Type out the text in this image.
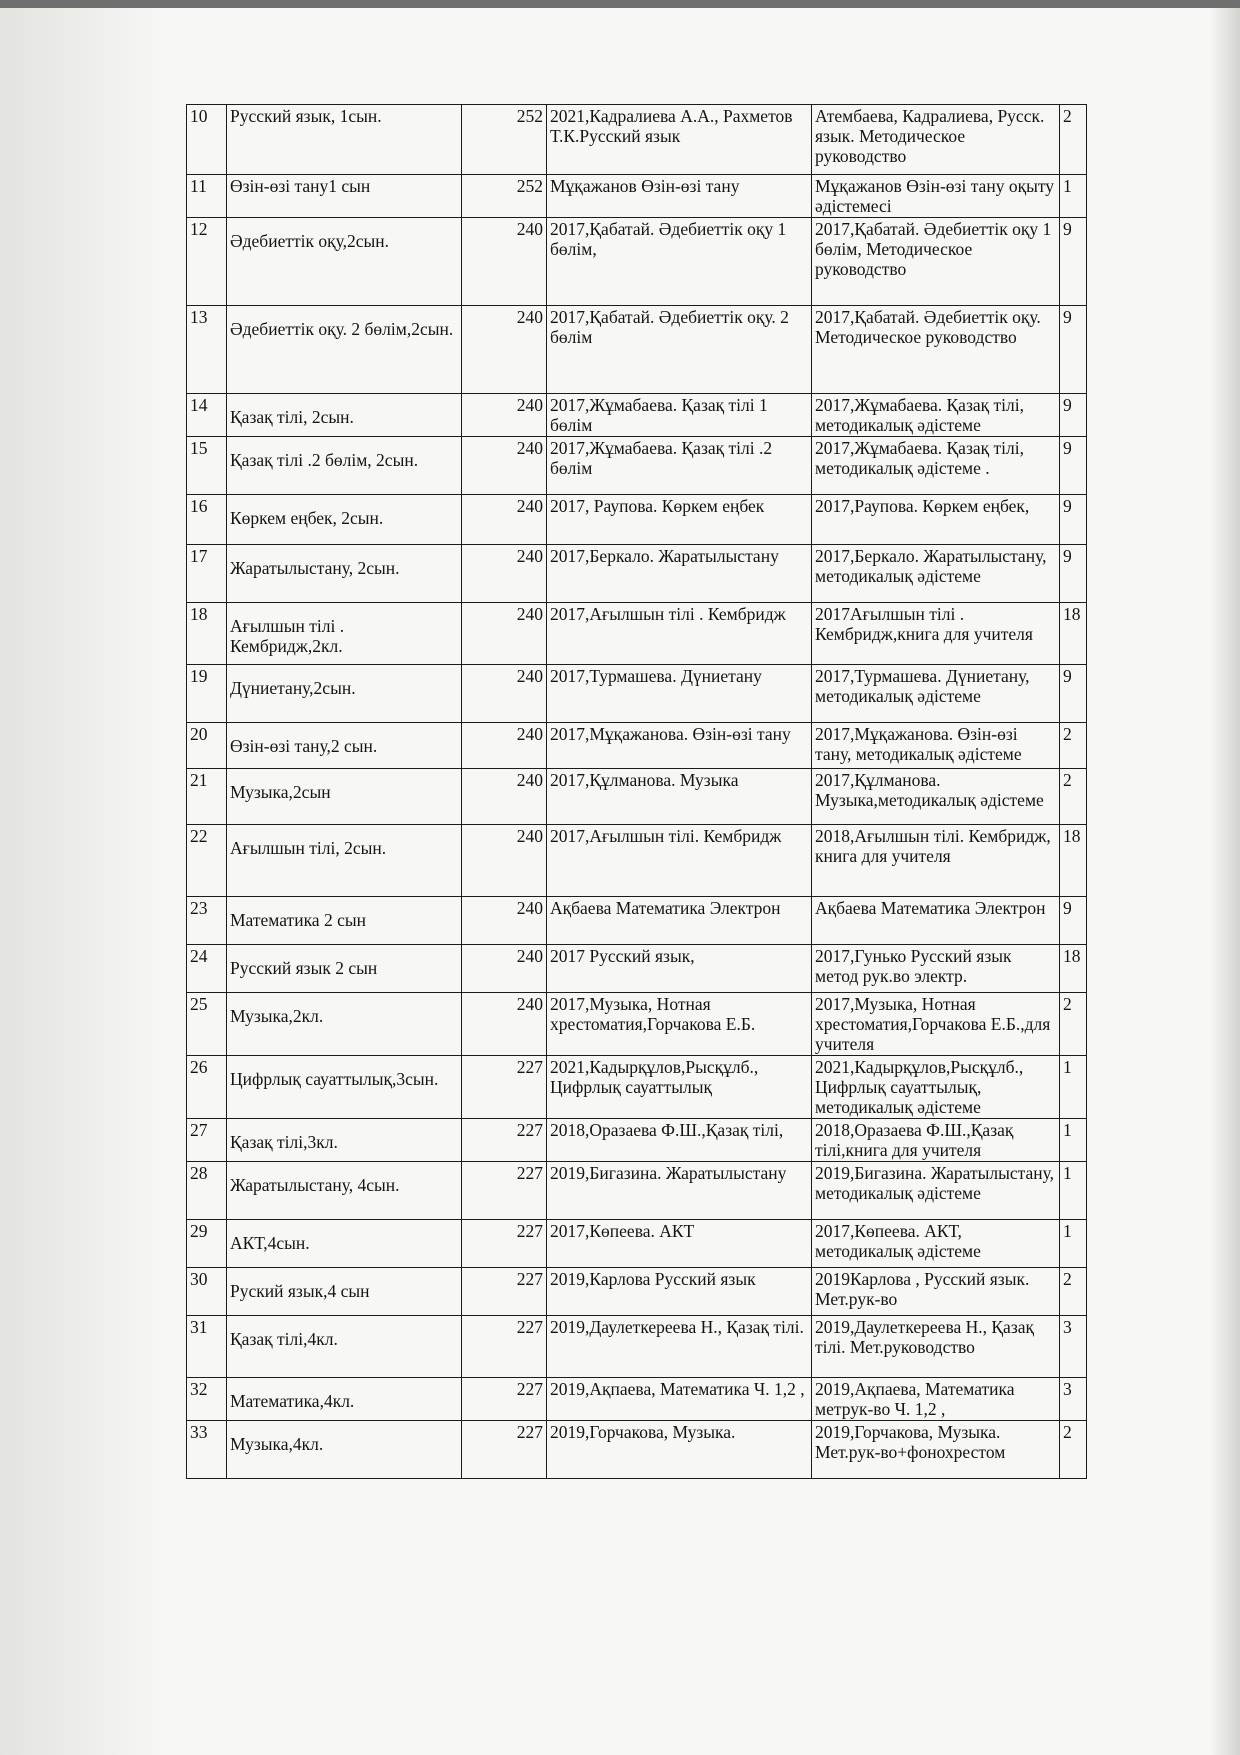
10	Русский язык, 1сын.	252	2021,Кадралиева А.А., Рахметов Т.К.Русский язык	Атембаева, Кадралиева, Русск. язык. Методическое руководство	2
11	Өзін-өзі тану1 сын	252	Мұқажанов Өзін-өзі тану	Мұқажанов Өзін-өзі тану оқыту әдістемесі	1
12	Әдебиеттік оқу,2сын.	240	2017,Қабатай. Әдебиеттік оқу 1 бөлім,	2017,Қабатай. Әдебиеттік оқу 1 бөлім, Методическое руководство	9
13	Әдебиеттік оқу. 2 бөлім,2сын.	240	2017,Қабатай. Әдебиеттік оқу. 2 бөлім	2017,Қабатай. Әдебиеттік оқу. Методическое руководство	9
14	Қазақ тілі, 2сын.	240	2017,Жұмабаева. Қазақ тілі 1 бөлім	2017,Жұмабаева. Қазақ тілі, методикалық әдістеме	9
15	Қазақ тілі .2 бөлім, 2сын.	240	2017,Жұмабаева. Қазақ тілі .2 бөлім	2017,Жұмабаева. Қазақ тілі, методикалық әдістеме .	9
16	Көркем еңбек, 2сын.	240	2017, Раупова. Көркем еңбек	2017,Раупова. Көркем еңбек,	9
17	Жаратылыстану, 2сын.	240	2017,Беркало. Жаратылыстану	2017,Беркало. Жаратылыстану, методикалық әдістеме	9
18	Ағылшын тілі . Кембридж,2кл.	240	2017,Ағылшын тілі . Кембридж	2017Ағылшын тілі . Кембридж,книга для учителя	18
19	Дүниетану,2сын.	240	2017,Турмашева. Дүниетану	2017,Турмашева. Дүниетану, методикалық әдістеме	9
20	Өзін-өзі тану,2 сын.	240	2017,Мұқажанова. Өзін-өзі тану	2017,Мұқажанова. Өзін-өзі тану, методикалық әдістеме	2
21	Музыка,2сын	240	2017,Құлманова. Музыка	2017,Құлманова. Музыка,методикалық әдістеме	2
22	Ағылшын тілі, 2сын.	240	2017,Ағылшын тілі. Кембридж	2018,Ағылшын тілі. Кембридж, книга для учителя	18
23	Математика 2 сын	240	Ақбаева Математика Электрон	Ақбаева Математика Электрон	9
24	Русский язык 2 сын	240	2017 Русский язык,	2017,Гунько Русский язык метод рук.во электр.	18
25	Музыка,2кл.	240	2017,Музыка, Нотная хрестоматия,Горчакова Е.Б.	2017,Музыка, Нотная хрестоматия,Горчакова Е.Б.,для учителя	2
26	Цифрлық сауаттылық,3сын.	227	2021,Кадырқұлов,Рысқұлб., Цифрлық сауаттылық	2021,Кадырқұлов,Рысқұлб., Цифрлық сауаттылық, методикалық әдістеме	1
27	Қазақ тілі,3кл.	227	2018,Оразаева Ф.Ш.,Қазақ тілі,	2018,Оразаева Ф.Ш.,Қазақ тілі,книга для учителя	1
28	Жаратылыстану, 4сын.	227	2019,Бигазина. Жаратылыстану	2019,Бигазина. Жаратылыстану, методикалық әдістеме	1
29	АКТ,4сын.	227	2017,Көпеева. АКТ	2017,Көпеева. АКТ, методикалық әдістеме	1
30	Руский язык,4 сын	227	2019,Карлова Русский язык	2019Карлова , Русский язык. Мет.рук-во	2
31	Қазақ тілі,4кл.	227	2019,Даулеткереева Н., Қазақ тілі.	2019,Даулеткереева Н., Қазақ тілі. Мет.руководство	3
32	Математика,4кл.	227	2019,Ақпаева, Математика Ч. 1,2 ,	2019,Ақпаева, Математика метрук-во Ч. 1,2 ,	3
33	Музыка,4кл.	227	2019,Горчакова, Музыка.	2019,Горчакова, Музыка. Мет.рук-во+фонохрестом	2
